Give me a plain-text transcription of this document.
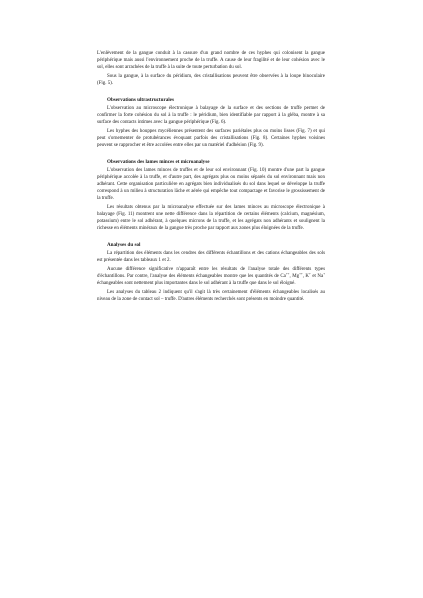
L'enlèvement de la gangue conduit à la cassure d'un grand nombre de ces hyphes qui colonisent la gangue périphérique mais aussi l'environnement proche de la truffe. A cause de leur fragilité et de leur cohésion avec le sol, elles sont arrachées de la truffe à la suite de toute perturbation du sol.

Sous la gangue, à la surface du péridium, des cristallisations peuvent être observées à la loupe binoculaire (Fig. 5).

Observations ultrastructurales

L'observation au microscope électronique à balayage de la surface et des sections de truffe permet de confirmer la forte cohésion du sol à la truffe : le péridium, bien identifiable par rapport à la gléba, montre à sa surface des contacts intimes avec la gangue périphérique (Fig. 6).

Les hyphes des houppes mycéliennes présentent des surfaces pariétales plus ou moins lisses (Fig. 7) et qui peut s'ornementer de protubérances évoquant parfois des cristallisations (Fig. 8). Certaines hyphes voisines peuvent se rapprocher et être accolées entre elles par un matériel d'adhésion (Fig. 9).

Observations des lames minces et microanalyse

L'observation des lames minces de truffes et de leur sol environnant (Fig. 10) montre d'une part la gangue périphérique accolée à la truffe, et d'autre part, des agrégats plus ou moins séparés du sol environnant mais non adhérant. Cette organisation particulière en agrégats bien individualisés du sol dans lequel se développe la truffe correspond à un milieu à structuration lâche et aérée qui empêche tout compactage et favorise le grossissement de la truffe.

Les résultats obtenus par la microanalyse effectuée sur des lames minces au microscope électronique à balayage (Fig. 11) montrent une nette différence dans la répartition de certains éléments (calcium, magnésium, potassium) entre le sol adhérant, à quelques microns de la truffe, et les agrégats non adhérants et soulignent la richesse en éléments minéraux de la gangue très proche par rapport aux zones plus éloignées de la truffe.

Analyses du sol

La répartition des éléments dans les cendres des différents échantillons et des cations échangeables des sols est présentée dans les tableaux 1 et 2.

Aucune différence significative n'apparaît entre les résultats de l'analyse totale des différents types d'échantillons. Par contre, l'analyse des éléments échangeables montre que les quantités de Ca++, Mg++, K+ et Na+ échangeables sont nettement plus importantes dans le sol adhérant à la truffe que dans le sol éloigné.

Les analyses du tableau 2 indiquent qu'il s'agit là très certainement d'éléments échangeables localisés au niveau de la zone de contact sol – truffe. D'autres éléments recherchés sont présents en moindre quantité.
